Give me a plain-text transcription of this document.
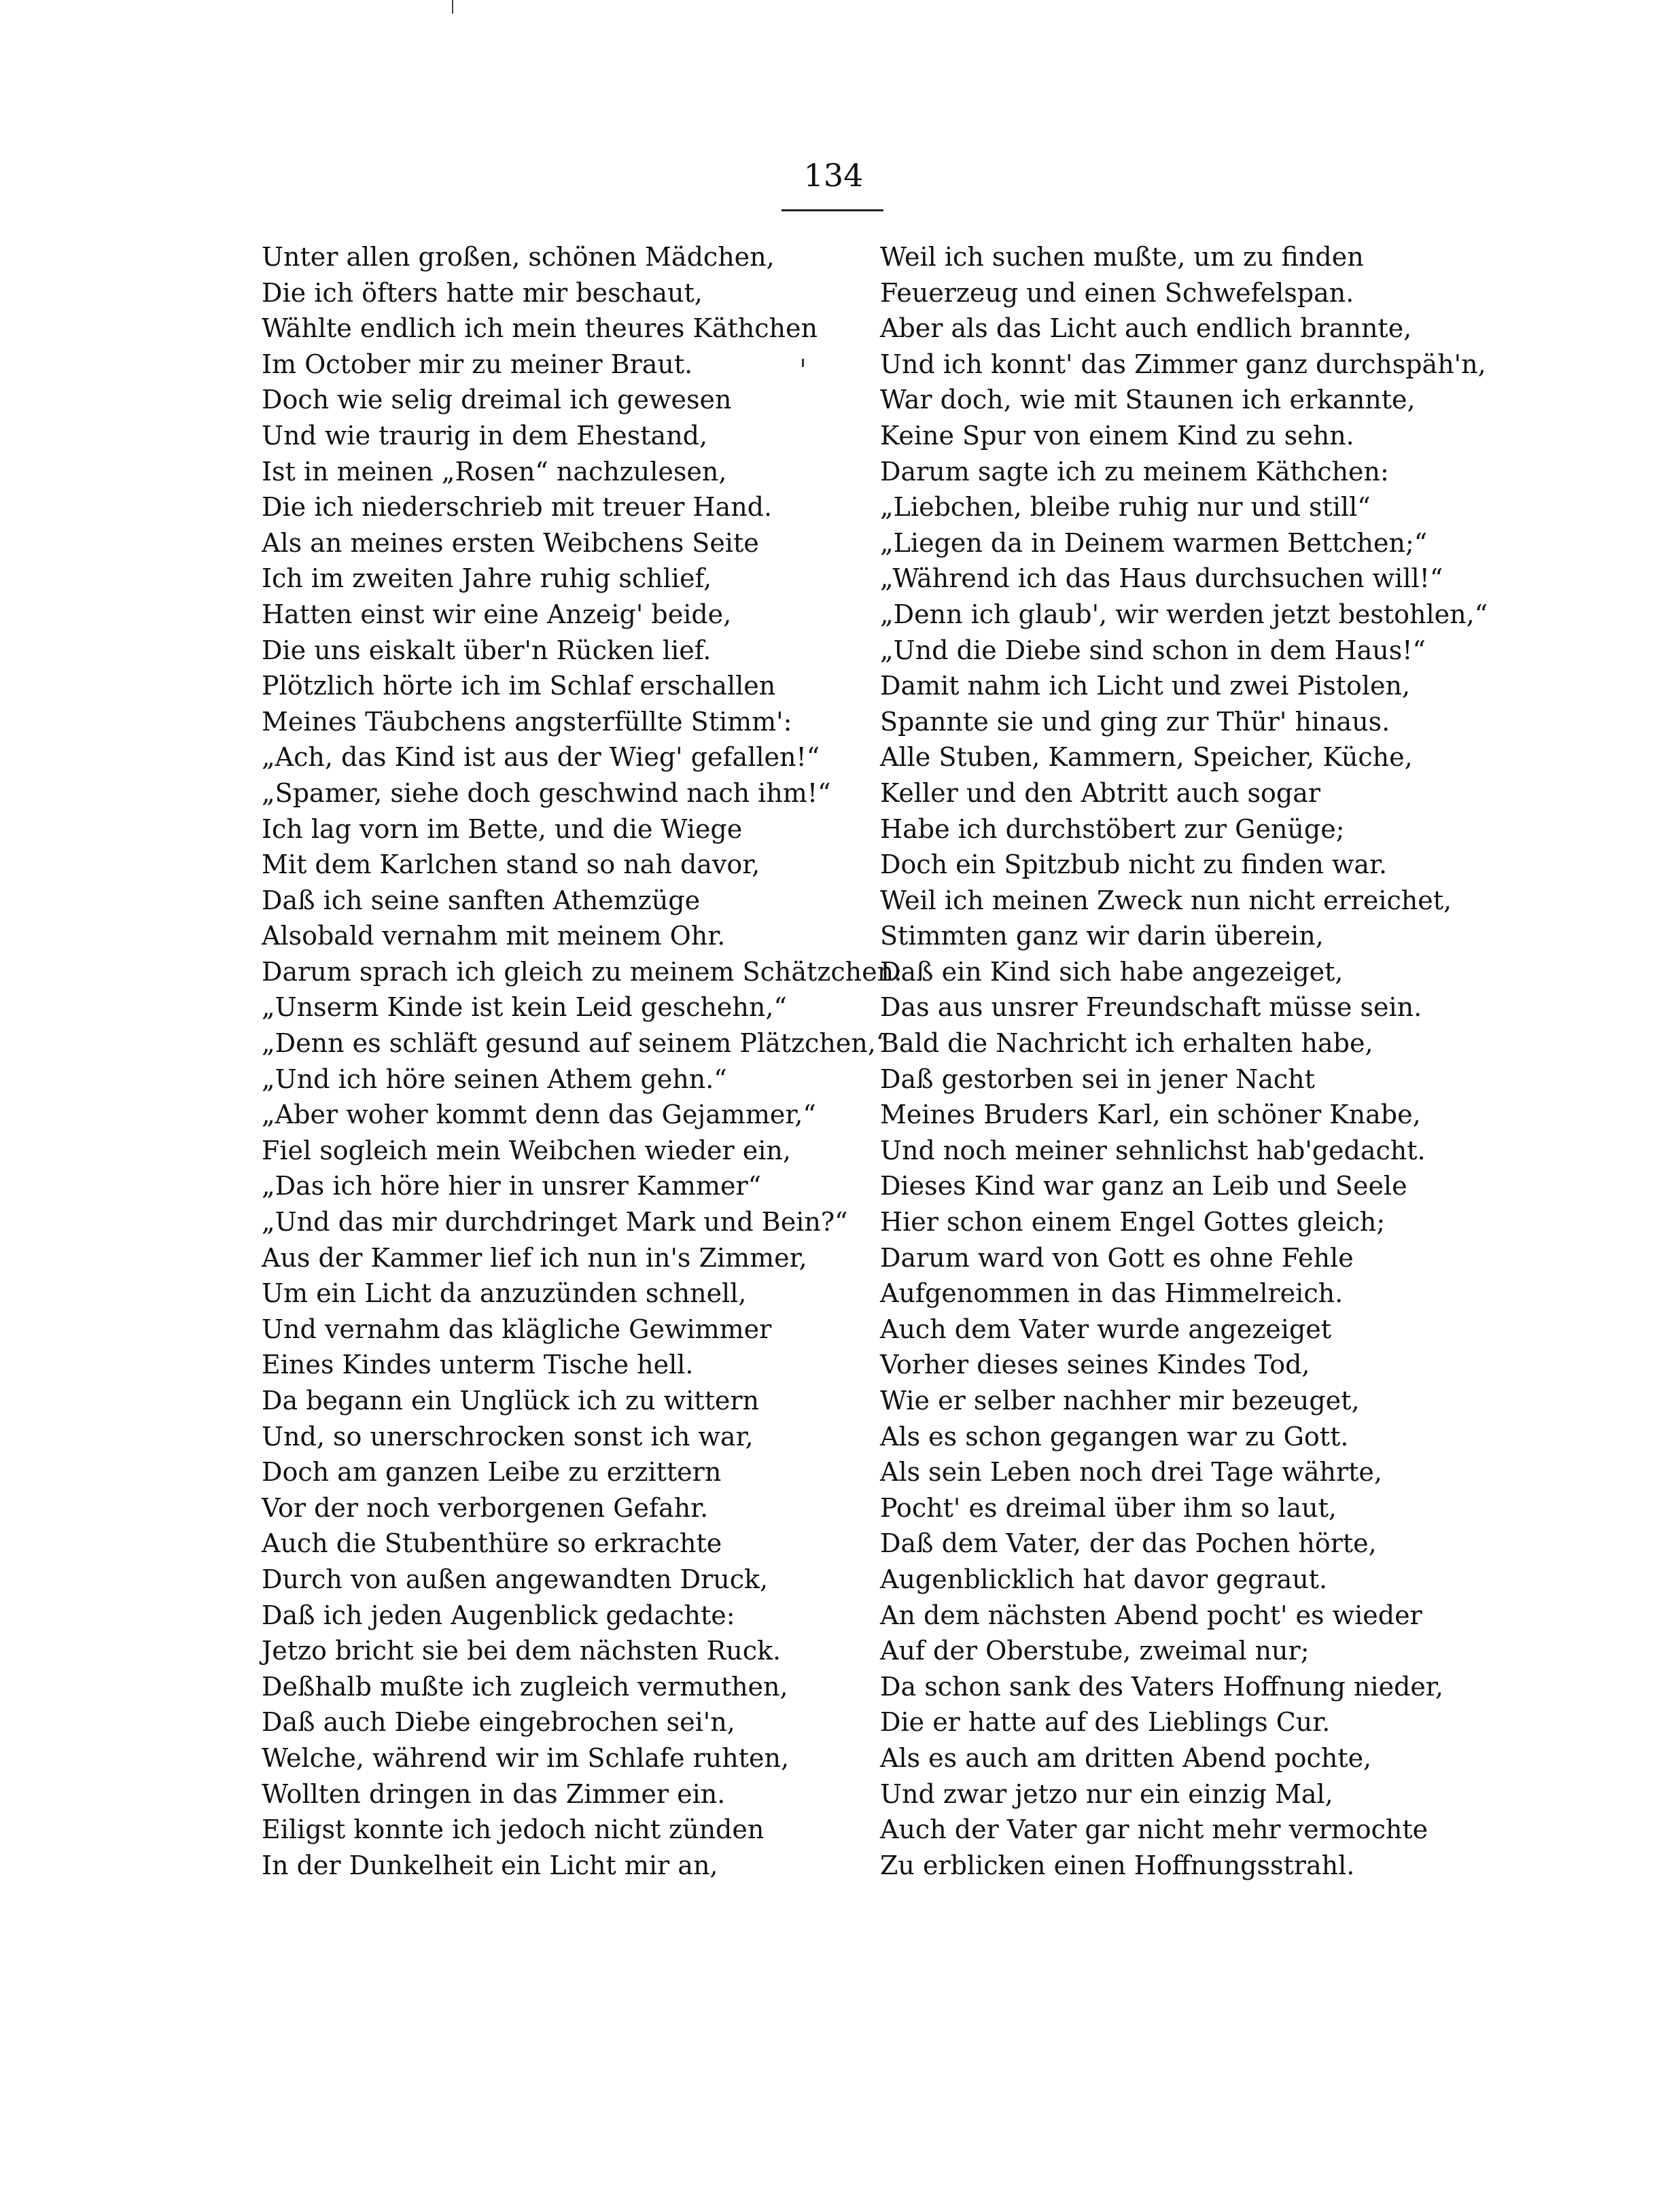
134
Unter allen großen, schönen Mädchen,
Die ich öfters hatte mir beschaut,
Wählte endlich ich mein theures Käthchen
Im October mir zu meiner Braut.
Doch wie selig dreimal ich gewesen
Und wie traurig in dem Ehestand,
Ist in meinen „Rosen“ nachzulesen,
Die ich niederschrieb mit treuer Hand.
Als an meines ersten Weibchens Seite
Ich im zweiten Jahre ruhig schlief,
Hatten einst wir eine Anzeig' beide,
Die uns eiskalt über'n Rücken lief.
Plötzlich hörte ich im Schlaf erschallen
Meines Täubchens angsterfüllte Stimm':
„Ach, das Kind ist aus der Wieg' gefallen!“
„Spamer, siehe doch geschwind nach ihm!“
Ich lag vorn im Bette, und die Wiege
Mit dem Karlchen stand so nah davor,
Daß ich seine sanften Athemzüge
Alsobald vernahm mit meinem Ohr.
Darum sprach ich gleich zu meinem Schätzchen:
„Unserm Kinde ist kein Leid geschehn,“
„Denn es schläft gesund auf seinem Plätzchen,“
„Und ich höre seinen Athem gehn.“
„Aber woher kommt denn das Gejammer,“
Fiel sogleich mein Weibchen wieder ein,
„Das ich höre hier in unsrer Kammer“
„Und das mir durchdringet Mark und Bein?“
Aus der Kammer lief ich nun in's Zimmer,
Um ein Licht da anzuzünden schnell,
Und vernahm das klägliche Gewimmer
Eines Kindes unterm Tische hell.
Da begann ein Unglück ich zu wittern
Und, so unerschrocken sonst ich war,
Doch am ganzen Leibe zu erzittern
Vor der noch verborgenen Gefahr.
Auch die Stubenthüre so erkrachte
Durch von außen angewandten Druck,
Daß ich jeden Augenblick gedachte:
Jetzo bricht sie bei dem nächsten Ruck.
Deßhalb mußte ich zugleich vermuthen,
Daß auch Diebe eingebrochen sei'n,
Welche, während wir im Schlafe ruhten,
Wollten dringen in das Zimmer ein.
Eiligst konnte ich jedoch nicht zünden
In der Dunkelheit ein Licht mir an,
Weil ich suchen mußte, um zu finden
Feuerzeug und einen Schwefelspan.
Aber als das Licht auch endlich brannte,
Und ich konnt' das Zimmer ganz durchspäh'n,
War doch, wie mit Staunen ich erkannte,
Keine Spur von einem Kind zu sehn.
Darum sagte ich zu meinem Käthchen:
„Liebchen, bleibe ruhig nur und still“
„Liegen da in Deinem warmen Bettchen;“
„Während ich das Haus durchsuchen will!“
„Denn ich glaub', wir werden jetzt bestohlen,“
„Und die Diebe sind schon in dem Haus!“
Damit nahm ich Licht und zwei Pistolen,
Spannte sie und ging zur Thür' hinaus.
Alle Stuben, Kammern, Speicher, Küche,
Keller und den Abtritt auch sogar
Habe ich durchstöbert zur Genüge;
Doch ein Spitzbub nicht zu finden war.
Weil ich meinen Zweck nun nicht erreichet,
Stimmten ganz wir darin überein,
Daß ein Kind sich habe angezeiget,
Das aus unsrer Freundschaft müsse sein.
Bald die Nachricht ich erhalten habe,
Daß gestorben sei in jener Nacht
Meines Bruders Karl, ein schöner Knabe,
Und noch meiner sehnlichst hab'gedacht.
Dieses Kind war ganz an Leib und Seele
Hier schon einem Engel Gottes gleich;
Darum ward von Gott es ohne Fehle
Aufgenommen in das Himmelreich.
Auch dem Vater wurde angezeiget
Vorher dieses seines Kindes Tod,
Wie er selber nachher mir bezeuget,
Als es schon gegangen war zu Gott.
Als sein Leben noch drei Tage währte,
Pocht' es dreimal über ihm so laut,
Daß dem Vater, der das Pochen hörte,
Augenblicklich hat davor gegraut.
An dem nächsten Abend pocht' es wieder
Auf der Oberstube, zweimal nur;
Da schon sank des Vaters Hoffnung nieder,
Die er hatte auf des Lieblings Cur.
Als es auch am dritten Abend pochte,
Und zwar jetzo nur ein einzig Mal,
Auch der Vater gar nicht mehr vermochte
Zu erblicken einen Hoffnungsstrahl.
